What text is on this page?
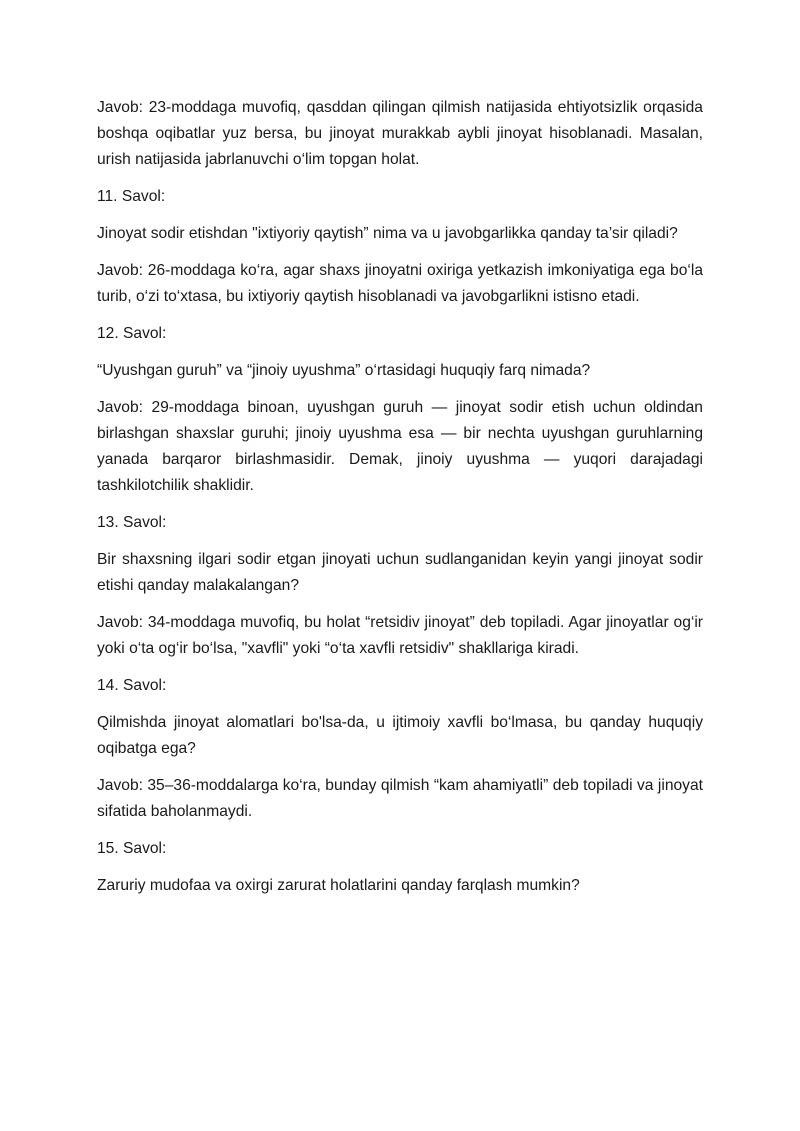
Javob: 23-moddaga muvofiq, qasddan qilingan qilmish natijasida ehtiyotsizlik orqasida boshqa oqibatlar yuz bersa, bu jinoyat murakkab aybli jinoyat hisoblanadi. Masalan, urish natijasida jabrlanuvchi o‘lim topgan holat.

11. Savol:

Jinoyat sodir etishdan "ixtiyoriy qaytish” nima va u javobgarlikka qanday ta’sir qiladi?

Javob: 26-moddaga ko‘ra, agar shaxs jinoyatni oxiriga yetkazish imkoniyatiga ega bo‘la turib, o‘zi to‘xtasa, bu ixtiyoriy qaytish hisoblanadi va javobgarlikni istisno etadi.

12. Savol:

“Uyushgan guruh” va “jinoiy uyushma” o‘rtasidagi huquqiy farq nimada?

Javob: 29-moddaga binoan, uyushgan guruh — jinoyat sodir etish uchun oldindan birlashgan shaxslar guruhi; jinoiy uyushma esa — bir nechta uyushgan guruhlarning yanada barqaror birlashmasidir. Demak, jinoiy uyushma — yuqori darajadagi tashkilotchilik shaklidir.

13. Savol:

Bir shaxsning ilgari sodir etgan jinoyati uchun sudlanganidan keyin yangi jinoyat sodir etishi qanday malakalangan?

Javob: 34-moddaga muvofiq, bu holat “retsidiv jinoyat” deb topiladi. Agar jinoyatlar og‘ir yoki o‘ta og‘ir bo‘lsa, "xavfli" yoki “o‘ta xavfli retsidiv" shakllariga kiradi.

14. Savol:

Qilmishda jinoyat alomatlari bo'lsa-da, u ijtimoiy xavfli bo‘lmasa, bu qanday huquqiy oqibatga ega?

Javob: 35–36-moddalarga ko‘ra, bunday qilmish “kam ahamiyatli” deb topiladi va jinoyat sifatida baholanmaydi.

15. Savol:

Zaruriy mudofaa va oxirgi zarurat holatlarini qanday farqlash mumkin?
